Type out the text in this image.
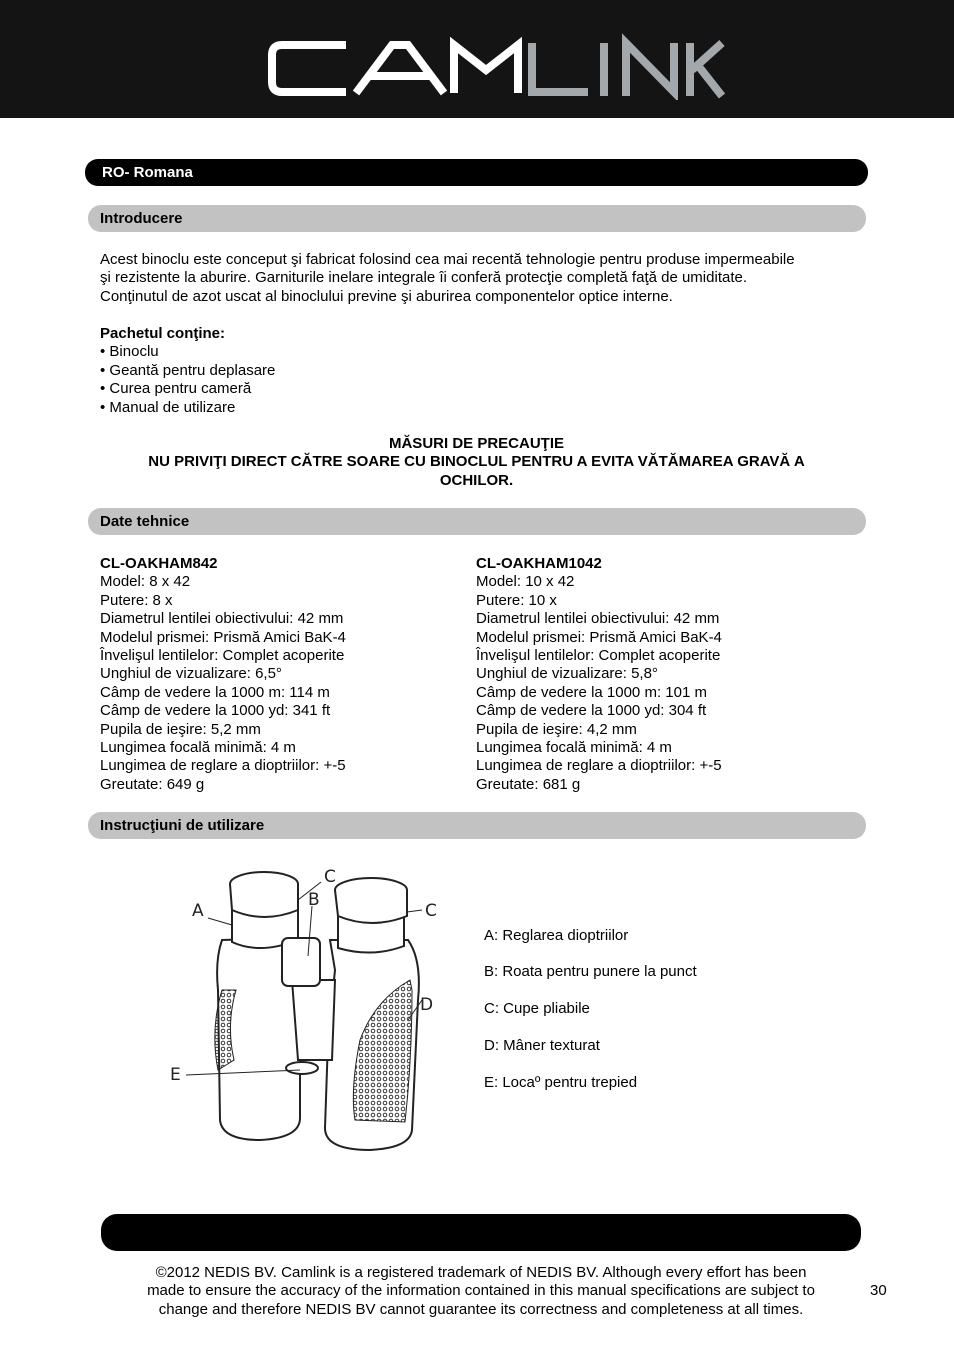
RO- Romana
Introducere
Acest binoclu este conceput şi fabricat folosind cea mai recentă tehnologie pentru produse impermeabile
şi rezistente la aburire. Garniturile inelare integrale îi conferă protecţie completă faţă de umiditate.
Conţinutul de azot uscat al binoclului previne şi aburirea componentelor optice interne.
Pachetul conţine:
• Binoclu
• Geantă pentru deplasare
• Curea pentru cameră
• Manual de utilizare
MĂSURI DE PRECAUŢIE
NU PRIVIŢI DIRECT CĂTRE SOARE CU BINOCLUL PENTRU A EVITA VĂTĂMAREA GRAVĂ A
OCHILOR.
Date tehnice
CL-OAKHAM842
Model: 8 x 42
Putere: 8 x
Diametrul lentilei obiectivului: 42 mm
Modelul prismei: Prismă Amici BaK-4
Învelişul lentilelor: Complet acoperite
Unghiul de vizualizare: 6,5°
Câmp de vedere la 1000 m: 114 m
Câmp de vedere la 1000 yd: 341 ft
Pupila de ieşire: 5,2 mm
Lungimea focală minimă: 4 m
Lungimea de reglare a dioptriilor: +-5
Greutate: 649 g
CL-OAKHAM1042
Model: 10 x 42
Putere: 10 x
Diametrul lentilei obiectivului: 42 mm
Modelul prismei: Prismă Amici BaK-4
Învelişul lentilelor: Complet acoperite
Unghiul de vizualizare: 5,8°
Câmp de vedere la 1000 m: 101 m
Câmp de vedere la 1000 yd: 304 ft
Pupila de ieşire: 4,2 mm
Lungimea focală minimă: 4 m
Lungimea de reglare a dioptriilor: +-5
Greutate: 681 g
Instrucţiuni de utilizare
A
C
B
C
D
E
A: Reglarea dioptriilor
B: Roata pentru punere la punct
C: Cupe pliabile
D: Mâner texturat
E: Locaº pentru trepied
©2012 NEDIS BV. Camlink is a registered trademark of NEDIS BV. Although every effort has been
made to ensure the accuracy of the information contained in this manual specifications are subject to
change and therefore NEDIS BV cannot guarantee its correctness and completeness at all times.
30
